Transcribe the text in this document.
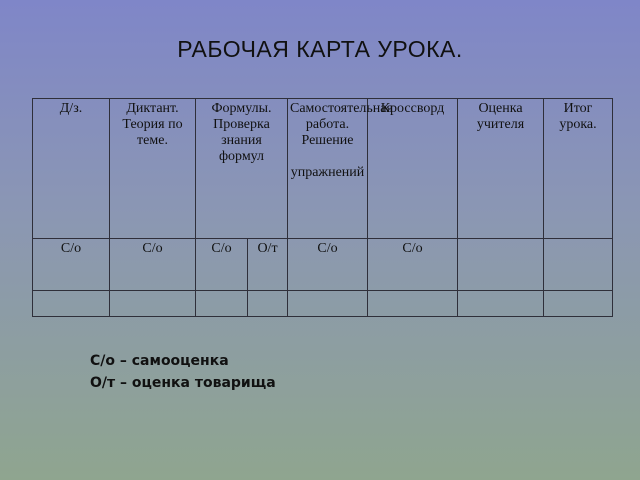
РАБОЧАЯ КАРТА УРОКА.
Д/з.	Диктант. Теория по теме.	Формулы. Проверка знания формул		Самостоятельная работа. Решение

упражнений	Кроссворд	Оценка учителя	Итог урока.
С/о	С/о	С/о	О/т	С/о	С/о		

С/о – самооценка
О/т – оценка товарища
